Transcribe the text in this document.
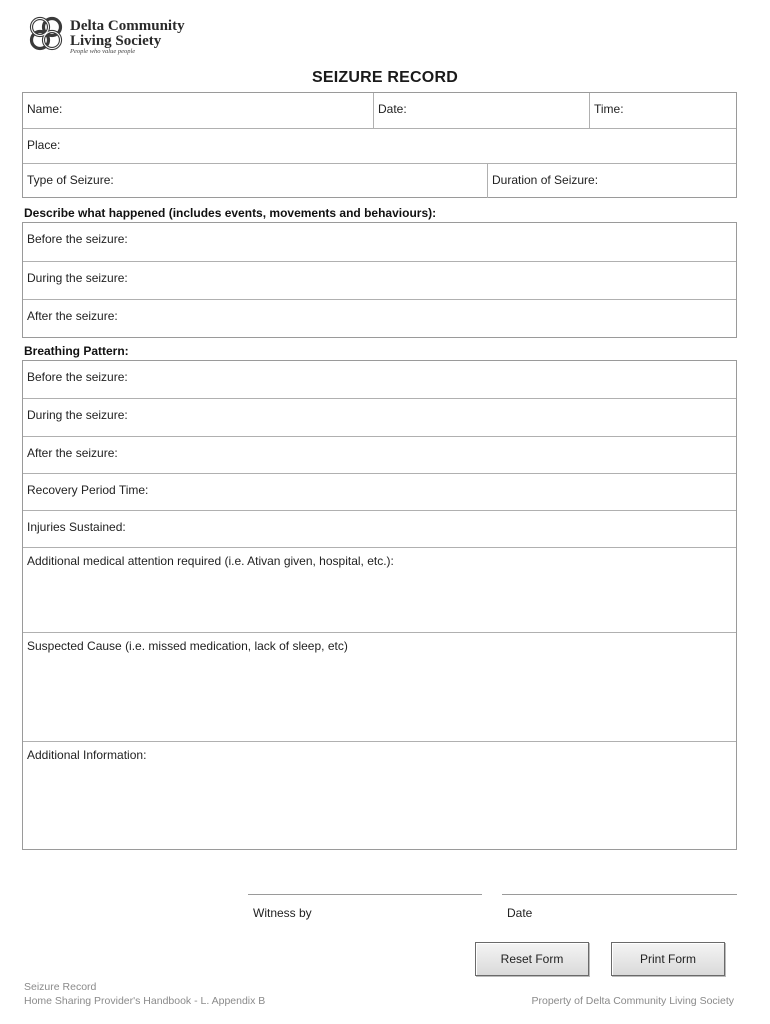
Delta Community
Living Society
People who value people
SEIZURE RECORD
Name:	Date:	Time:
Place:
Type of Seizure:	Duration of Seizure:
Describe what happened (includes events, movements and behaviours):
Before the seizure:
During the seizure:
After the seizure:
Breathing Pattern:
Before the seizure:
During the seizure:
After the seizure:
Recovery Period Time:
Injuries Sustained:
Additional medical attention required (i.e. Ativan given, hospital, etc.):
Suspected Cause (i.e. missed medication, lack of sleep, etc)
Additional Information:
Witness by	Date
Reset Form	Print Form
Seizure Record
Home Sharing Provider's Handbook - L. Appendix B	Property of Delta Community Living Society
